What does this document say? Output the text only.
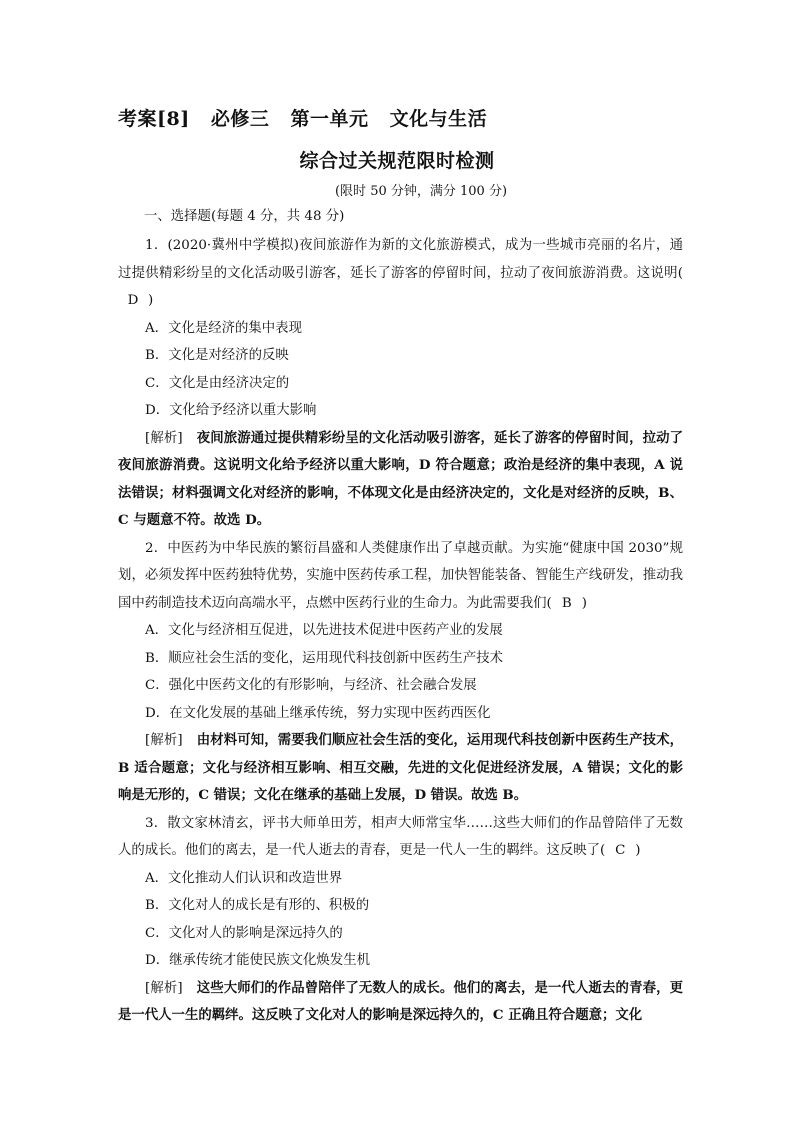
考案[8] 必修三 第一单元 文化与生活
综合过关规范限时检测
(限时 50 分钟，满分 100 分)

一、选择题(每题 4 分，共 48 分)

1．(2020·冀州中学模拟)夜间旅游作为新的文化旅游模式，成为一些城市亮丽的名片，通过提供精彩纷呈的文化活动吸引游客，延长了游客的停留时间，拉动了夜间旅游消费。这说明(D )

A．文化是经济的集中表现

B．文化是对经济的反映

C．文化是由经济决定的

D．文化给予经济以重大影响

[解析] 夜间旅游通过提供精彩纷呈的文化活动吸引游客，延长了游客的停留时间，拉动了夜间旅游消费。这说明文化给予经济以重大影响，D 符合题意；政治是经济的集中表现，A 说法错误；材料强调文化对经济的影响，不体现文化是由经济决定的，文化是对经济的反映，B、C 与题意不符。故选 D。

2．中医药为中华民族的繁衍昌盛和人类健康作出了卓越贡献。为实施“健康中国 2030”规划，必须发挥中医药独特优势，实施中医药传承工程，加快智能装备、智能生产线研发，推动我国中药制造技术迈向高端水平，点燃中医药行业的生命力。为此需要我们( B )

A．文化与经济相互促进，以先进技术促进中医药产业的发展

B．顺应社会生活的变化，运用现代科技创新中医药生产技术

C．强化中医药文化的有形影响，与经济、社会融合发展

D．在文化发展的基础上继承传统，努力实现中医药西医化

[解析] 由材料可知，需要我们顺应社会生活的变化，运用现代科技创新中医药生产技术，B 适合题意；文化与经济相互影响、相互交融，先进的文化促进经济发展，A 错误；文化的影响是无形的，C 错误；文化在继承的基础上发展，D 错误。故选 B。

3．散文家林清玄，评书大师单田芳，相声大师常宝华……这些大师们的作品曾陪伴了无数人的成长。他们的离去，是一代人逝去的青春，更是一代人一生的羁绊。这反映了( C )

A．文化推动人们认识和改造世界

B．文化对人的成长是有形的、积极的

C．文化对人的影响是深远持久的

D．继承传统才能使民族文化焕发生机

[解析] 这些大师们的作品曾陪伴了无数人的成长。他们的离去，是一代人逝去的青春，更是一代人一生的羁绊。这反映了文化对人的影响是深远持久的，C 正确且符合题意；文化
